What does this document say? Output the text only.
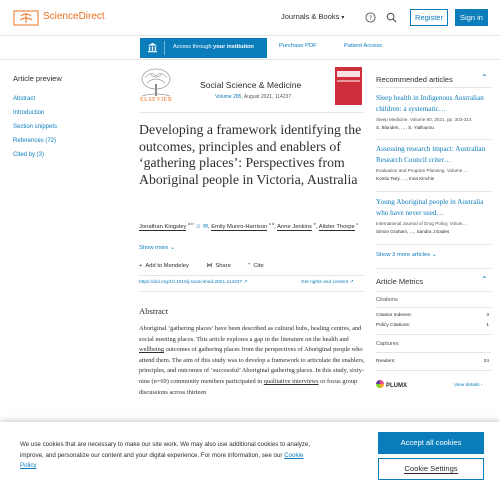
ScienceDirect	Journals & Books ▾	?	Register	Sign in
Access through your institution	Purchase PDF	Patient Access
Article preview
Abstract
Introduction
Section snippets
References (72)
Cited by (3)
ELSEVIER
Social Science & Medicine
Volume 285, August 2021, 114237
Developing a framework identifying the outcomes, principles and enablers of ‘gathering places’: Perspectives from Aboriginal people in Victoria, Australia
Jonathan Kingsley $^{a b}$ ☺ ✉, Emily Munro-Harrison $^{c d}$, Anne Jenkins $^e$, Alister Thorpe $^c$
Show more ⌄
+ Add to Mendeley	⋈ Share	” Cite
https://doi.org/10.1016/j.socscimed.2021.114237 ↗	Get rights and content ↗
Abstract
Aboriginal ‘gathering places’ have been described as cultural hubs, healing centres, and social meeting places. This article explores a gap in the literature on the health and wellbeing outcomes of gathering places from the perspectives of Aboriginal people who attend them. The aim of this study was to develop a framework to articulate the enablers, principles, and outcomes of ‘successful’ Aboriginal gathering places. In this study, sixty-nine (n=69) community members participated in qualitative interviews or focus group discussions across thirteen
Recommended articles	⌃
Sleep health in Indigenous Australian children: a systematic…
Sleep Medicine, Volume 80, 2021, pp. 303-314
S. Blunden, …, S. Yiallourou
Assessing research impact: Australian Research Council criter…
Evaluation and Program Planning, Volume …
Komla Tsey, …, Inna Kinchin
Young Aboriginal people in Australia who have never used…
International Journal of Drug Policy, Volum…
Simon Graham, …, Sandra J Eades
Show 3 more articles ⌄
Article Metrics	⌃
Citations
Citation Indexes:	3
Policy Citations:	1
Captures
Readers:	24
PLUMX	View details ›
We use cookies that are necessary to make our site work. We may also use additional cookies to analyze, improve, and personalize our content and your digital experience. For more information, see our Cookie Policy
Accept all cookies
Cookie Settings
